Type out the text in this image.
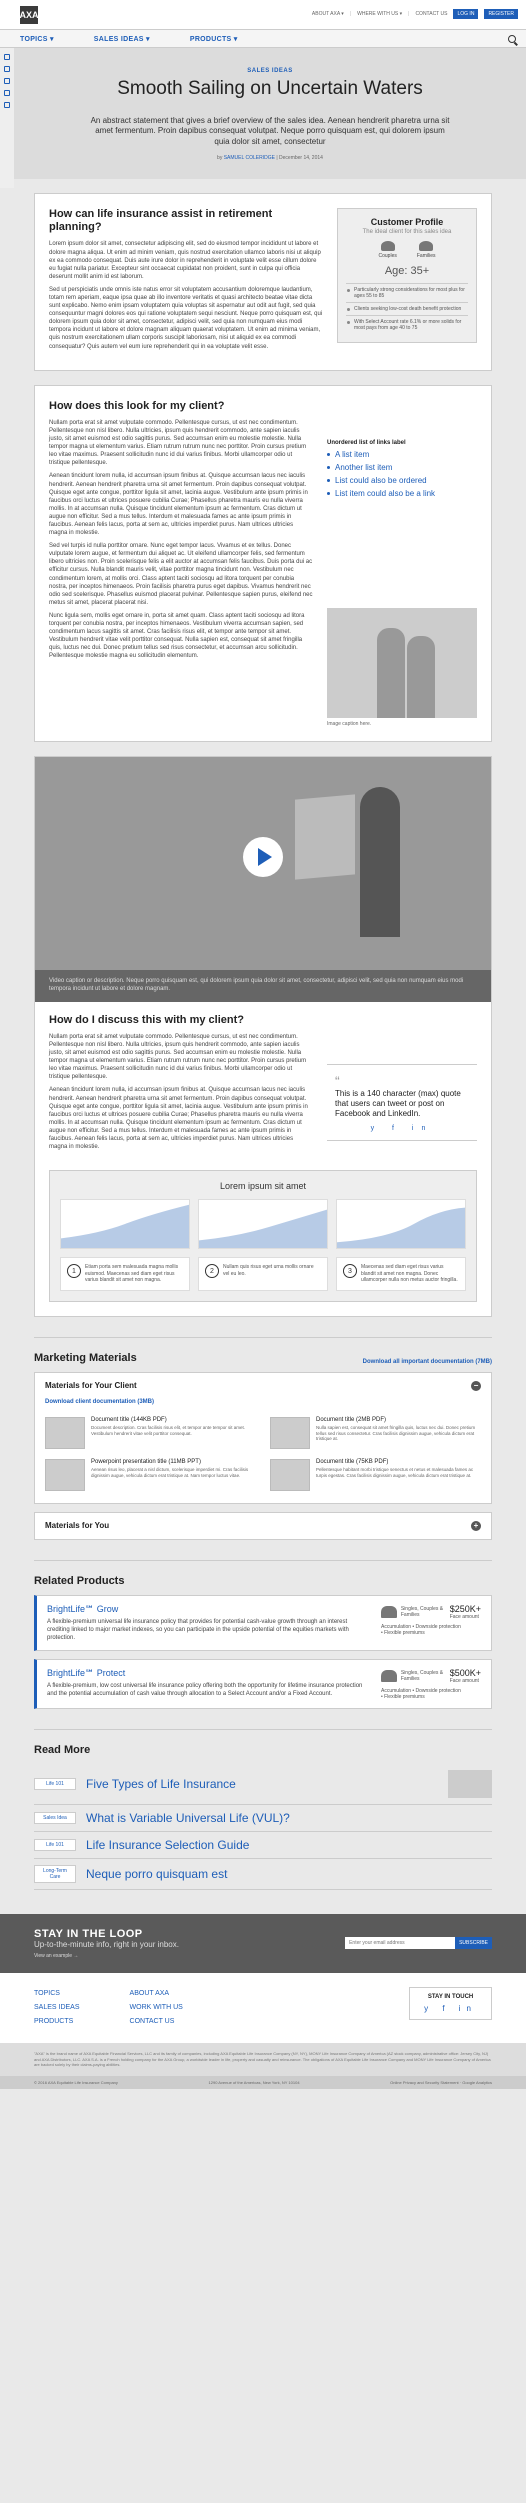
AXA	ABOUT AXA ▾ | WHERE WITH US ▾ | CONTACT US	LOG IN	REGISTER
TOPICS ▾	SALES IDEAS ▾	PRODUCTS ▾
SALES IDEAS
Smooth Sailing on Uncertain Waters
An abstract statement that gives a brief overview of the sales idea. Aenean hendrerit pharetra urna sit amet fermentum. Proin dapibus consequat volutpat. Neque porro quisquam est, qui dolorem ipsum quia dolor sit amet, consectetur
by SAMUEL COLERIDGE | December 14, 2014
How can life insurance assist in retirement planning?

Lorem ipsum dolor sit amet, consectetur adipiscing elit, sed do eiusmod tempor incididunt ut labore et dolore magna aliqua. Ut enim ad minim veniam, quis nostrud exercitation ullamco laboris nisi ut aliquip ex ea commodo consequat. Duis aute irure dolor in reprehenderit in voluptate velit esse cillum dolore eu fugiat nulla pariatur. Excepteur sint occaecat cupidatat non proident, sunt in culpa qui officia deserunt mollit anim id est laborum.

Sed ut perspiciatis unde omnis iste natus error sit voluptatem accusantium doloremque laudantium, totam rem aperiam, eaque ipsa quae ab illo inventore veritatis et quasi architecto beatae vitae dicta sunt explicabo. Nemo enim ipsam voluptatem quia voluptas sit aspernatur aut odit aut fugit, sed quia consequuntur magni dolores eos qui ratione voluptatem sequi nesciunt. Neque porro quisquam est, qui dolorem ipsum quia dolor sit amet, consectetur, adipisci velit, sed quia non numquam eius modi tempora incidunt ut labore et dolore magnam aliquam quaerat voluptatem. Ut enim ad minima veniam, quis nostrum exercitationem ullam corporis suscipit laboriosam, nisi ut aliquid ex ea commodi consequatur? Quis autem vel eum iure reprehenderit qui in ea voluptate velit esse.

Customer Profile
The ideal client for this sales idea
Couples	Families
Age: 35+
Particularly strong considerations for most plus for ages 55 to 85
Clients seeking low-cost death benefit protection
With Select Account rate 6.1% or more solids for most pays from age 40 to 75
How does this look for my client?

Nullam porta erat sit amet vulputate commodo. Pellentesque cursus, ut est nec condimentum. Pellentesque non nisl libero. Nulla ultricies, ipsum quis hendrerit commodo, ante sapien iaculis justo, sit amet euismod est odio sagittis purus. Sed accumsan enim eu molestie molestie. Nulla tempor magna ut elementum varius. Etiam rutrum rutrum nunc nec porttitor. Proin cursus pretium leo vitae maximus. Praesent sollicitudin nunc id dui varius finibus. Morbi ullamcorper odio ut tristique pellentesque.

Aenean tincidunt lorem nulla, id accumsan ipsum finibus at. Quisque accumsan lacus nec iaculis hendrerit. Aenean hendrerit pharetra urna sit amet fermentum. Proin dapibus consequat volutpat. Quisque eget ante congue, porttitor ligula sit amet, lacinia augue. Vestibulum ante ipsum primis in faucibus orci luctus et ultrices posuere cubilia Curae; Phasellus pharetra mauris eu nulla viverra mollis. In at accumsan nulla. Quisque tincidunt elementum ipsum ac fermentum. Cras dictum ut augue non efficitur. Sed a mus tellus. Interdum et malesuada fames ac ante ipsum primis in faucibus. Aenean felis lacus, porta at sem ac, ultricies imperdiet purus. Nam ultrices ultricies magna in molestie.

Sed vel turpis id nulla porttitor ornare. Nunc eget tempor lacus. Vivamus et ex tellus. Donec vulputate lorem augue, et fermentum dui aliquet ac. Ut eleifend ullamcorper felis, sed fermentum libero ultricies non. Proin scelerisque felis a elit auctor at accumsan felis faucibus. Duis porta dui ac efficitur cursus. Nulla blandit mauris velit, vitae porttitor magna tincidunt non. Vestibulum nec condimentum lorem, at mollis orci. Class aptent taciti sociosqu ad litora torquent per conubia nostra, per inceptos himenaeos. Proin facilisis pharetra purus eget dapibus. Vivamus hendrerit nec odio sed scelerisque. Phasellus euismod placerat pulvinar. Pellentesque sapien purus, eleifend nec metus sit amet, placerat placerat nisi.

Nunc ligula sem, mollis eget ornare in, porta sit amet quam. Class aptent taciti sociosqu ad litora torquent per conubia nostra, per inceptos himenaeos. Vestibulum viverra accumsan sapien, sed condimentum lacus sagittis sit amet. Cras facilisis risus elit, et tempor ante tempor sit amet. Vestibulum hendrerit vitae velit porttitor consequat. Nulla sapien est, consequat sit amet fringilla quis, luctus nec dui. Donec pretium tellus sed risus consectetur, et accumsan arcu sollicitudin. Pellentesque molestie magna eu sollicitudin elementum.

Unordered list of links label
A list item
Another list item
List could also be ordered
List item could also be a link
Image caption here.
Video caption or description. Neque porro quisquam est, qui dolorem ipsum quia dolor sit amet, consectetur, adipisci velit, sed quia non numquam eius modi tempora incidunt ut labore et dolore magnam.
How do I discuss this with my client?

Nullam porta erat sit amet vulputate commodo. Pellentesque cursus, ut est nec condimentum. Pellentesque non nisl libero. Nulla ultricies, ipsum quis hendrerit commodo, ante sapien iaculis justo, sit amet euismod est odio sagittis purus. Sed accumsan enim eu molestie molestie. Nulla tempor magna ut elementum varius. Etiam rutrum rutrum nunc nec porttitor. Proin cursus pretium leo vitae maximus. Praesent sollicitudin nunc id dui varius finibus. Morbi ullamcorper odio ut tristique pellentesque.

Aenean tincidunt lorem nulla, id accumsan ipsum finibus at. Quisque accumsan lacus nec iaculis hendrerit. Aenean hendrerit pharetra urna sit amet fermentum. Proin dapibus consequat volutpat. Quisque eget ante congue, porttitor ligula sit amet, lacinia augue. Vestibulum ante ipsum primis in faucibus orci luctus et ultrices posuere cubilia Curae; Phasellus pharetra mauris eu nulla viverra mollis. In at accumsan nulla. Quisque tincidunt elementum ipsum ac fermentum. Cras dictum ut augue non efficitur. Sed a mus tellus. Interdum et malesuada fames ac ante ipsum primis in faucibus. Aenean felis lacus, porta at sem ac, ultricies imperdiet purus. Nam ultrices ultricies magna in molestie.

“
This is a 140 character (max) quote that users can tweet or post on Facebook and LinkedIn.
y f in
Lorem ipsum sit amet
1
Etiam porta sem malesuada magna mollis euismod. Maecenas sed diam eget risus varius blandit sit amet non magna.
2
Nullam quis risus eget urna mollis ornare vel eu leo.	3
Maecenas sed diam eget risus varius blandit sit amet non magna. Donec ullamcorper nulla non metus auctor fringilla.
Marketing Materials	Download all important documentation (7MB)
Materials for Your Client	−
Download client documentation (3MB)
Document title (144KB PDF)
Document description. Cras facilisis risus elit, et tempor ante tempor sit amet. Vestibulum hendrerit vitae velit porttitor consequat.
Document title (2MB PDF)
Nulla sapien est, consequat sit amet fringilla quis, luctus nec dui. Donec pretium tellus sed risus consectetur. Cras facilisis dignissim augue, vehicula dictum erat tristique at.
Powerpoint presentation title (11MB PPT)
Aenean risus leo, placerat a nisl dictum, scelerisque imperdiet mi. Cras facilisis dignissim augue, vehicula dictum erat tristique at. Nam tempor luctus vitae.
Document title (75KB PDF)
Pellentesque habitant morbi tristique senectus et netus et malesuada fames ac turpis egestas. Cras facilisis dignissim augue, vehicula dictum erat tristique at.
Materials for You	+
Related Products
BrightLife℠ Grow
A flexible-premium universal life insurance policy that provides for potential cash-value growth through an interest crediting linked to major market indexes, so you can participate in the upside potential of the equities markets with protection.
Singles, Couples & Families
$250K+
Face amount
Accumulation • Downside protection
• Flexible premiums
BrightLife℠ Protect
A flexible-premium, low cost universal life insurance policy offering both the opportunity for lifetime insurance protection and the potential accumulation of cash value through allocation to a Select Account and/or a Fixed Account.
Singles, Couples & Families
$500K+
Face amount
Accumulation • Downside protection
• Flexible premiums
Read More
Life 101	Five Types of Life Insurance
Sales Idea	What is Variable Universal Life (VUL)?
Life 101	Life Insurance Selection Guide
Long-Term Care	Neque porro quisquam est
STAY IN THE LOOP
Up-to-the-minute info, right in your inbox.
View an example →
Enter your email address
SUBSCRIBE
TOPICS
SALES IDEAS
PRODUCTS
ABOUT AXA
WORK WITH US
CONTACT US
STAY IN TOUCH
y f in
"AXA" is the brand name of AXA Equitable Financial Services, LLC and its family of companies, including AXA Equitable Life Insurance Company (NY, NY), MONY Life Insurance Company of America (AZ stock company, administrative office: Jersey City, NJ) and AXA Distributors, LLC. AXA S.A. is a French holding company for the AXA Group, a worldwide leader in life, property and casualty and reinsurance. The obligations of AXA Equitable Life Insurance Company and MONY Life Insurance Company of America are backed solely by their claims-paying abilities.
© 2016 AXA Equitable Life Insurance Company	1290 Avenue of the Americas, New York, NY 10104	Online Privacy and Security Statement · Google Analytics
